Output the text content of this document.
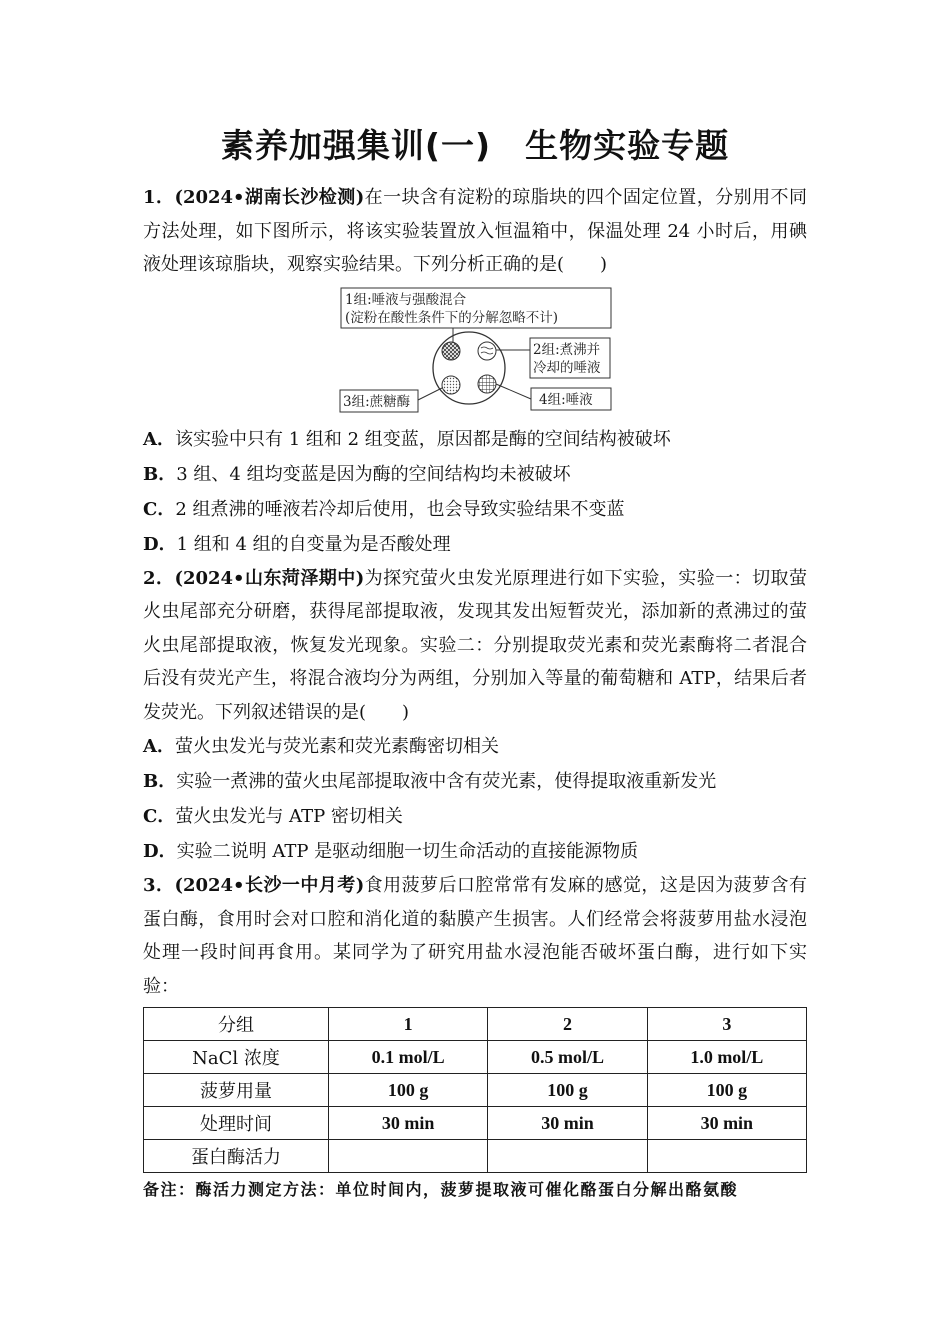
素养加强集训(一) 生物实验专题

1．(2024•湖南长沙检测)在一块含有淀粉的琼脂块的四个固定位置，分别用不同方法处理，如下图所示，将该实验装置放入恒温箱中，保温处理 24 小时后，用碘液处理该琼脂块，观察实验结果。下列分析正确的是(　　)

1组:唾液与强酸混合
(淀粉在酸性条件下的分解忽略不计)
2组:煮沸并
冷却的唾液
3组:蔗糖酶	4组:唾液

A．该实验中只有 1 组和 2 组变蓝，原因都是酶的空间结构被破坏

B．3 组、4 组均变蓝是因为酶的空间结构均未被破坏

C．2 组煮沸的唾液若冷却后使用，也会导致实验结果不变蓝

D．1 组和 4 组的自变量为是否酸处理

2．(2024•山东菏泽期中)为探究萤火虫发光原理进行如下实验，实验一：切取萤火虫尾部充分研磨，获得尾部提取液，发现其发出短暂荧光，添加新的煮沸过的萤火虫尾部提取液，恢复发光现象。实验二：分别提取荧光素和荧光素酶将二者混合后没有荧光产生，将混合液均分为两组，分别加入等量的葡萄糖和 ATP，结果后者发荧光。下列叙述错误的是(　　)

A．萤火虫发光与荧光素和荧光素酶密切相关

B．实验一煮沸的萤火虫尾部提取液中含有荧光素，使得提取液重新发光

C．萤火虫发光与 ATP 密切相关

D．实验二说明 ATP 是驱动细胞一切生命活动的直接能源物质

3．(2024•长沙一中月考)食用菠萝后口腔常常有发麻的感觉，这是因为菠萝含有蛋白酶，食用时会对口腔和消化道的黏膜产生损害。人们经常会将菠萝用盐水浸泡处理一段时间再食用。某同学为了研究用盐水浸泡能否破坏蛋白酶，进行如下实验：

分组	1	2	3
NaCl 浓度	0.1 mol/L	0.5 mol/L	1.0 mol/L
菠萝用量	100 g	100 g	100 g
处理时间	30 min	30 min	30 min
蛋白酶活力			
备注：酶活力测定方法：单位时间内，菠萝提取液可催化酪蛋白分解出酪氨酸
